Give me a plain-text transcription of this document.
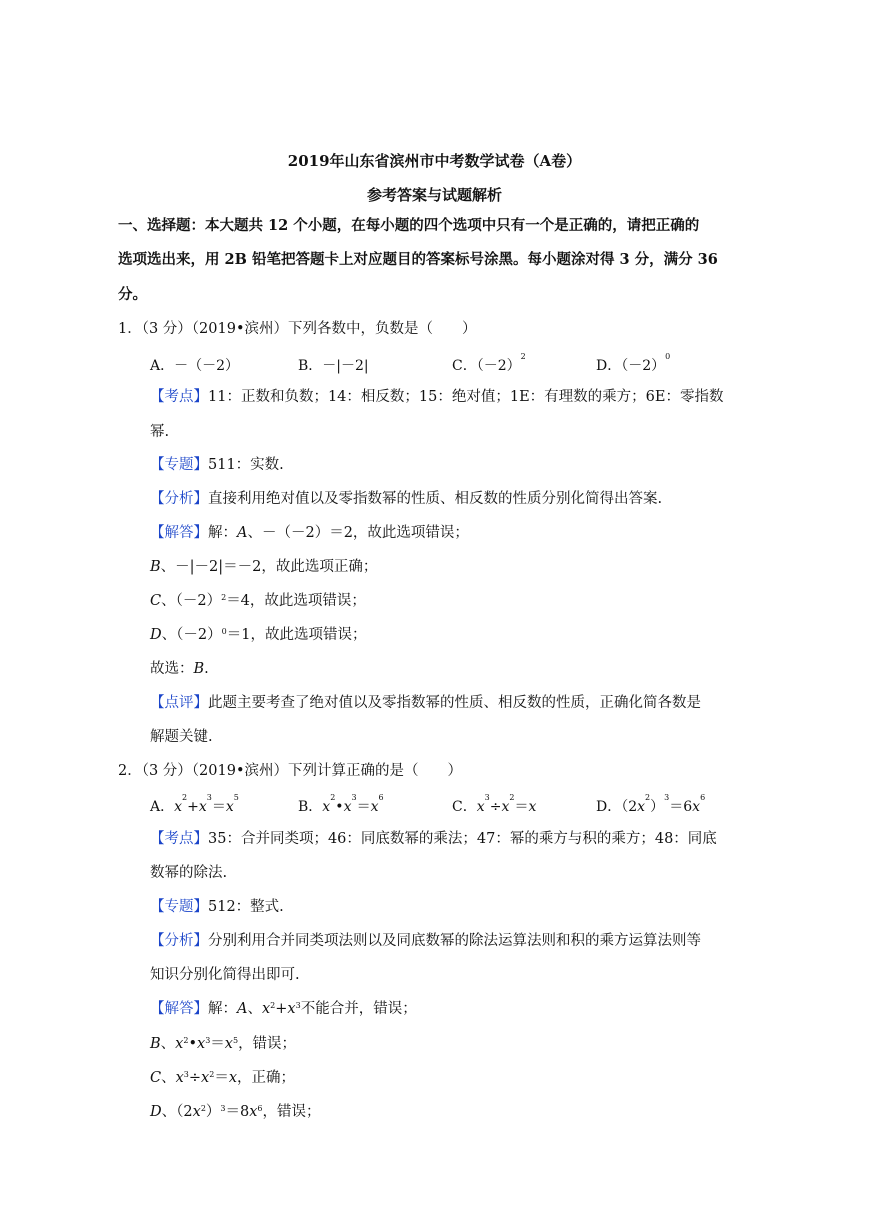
2019年山东省滨州市中考数学试卷（A卷）
参考答案与试题解析
一、选择题：本大题共 12 个小题，在每小题的四个选项中只有一个是正确的，请把正确的
选项选出来，用 2B 铅笔把答题卡上对应题目的答案标号涂黑。每小题涂对得 3 分，满分 36
分。
1．（3 分）（2019•滨州）下列各数中，负数是（　　）
A．－（－2）	B．－|－2|	C．$(-2)^2$
D．$(-2)^0$
【考点】11：正数和负数；14：相反数；15：绝对值；1E：有理数的乘方；6E：零指数
幂.
【专题】511：实数.
【分析】直接利用绝对值以及零指数幂的性质、相反数的性质分别化简得出答案.
【解答】解：A、－（－2）＝2，故此选项错误；
B、－|－2|＝－2，故此选项正确；
C、$(-2)^2=4$，故此选项错误；
D、$(-2)^0=1$，故此选项错误；
故选：B.
【点评】此题主要考查了绝对值以及零指数幂的性质、相反数的性质，正确化简各数是
解题关键.
2．（3 分）（2019•滨州）下列计算正确的是（　　）
A．$x^2+x^3=x^5$
B．$x^2•x^3=x^6$
C．$x^3\div x^2=x$	D．$(2x^2)^3=6x^6$
【考点】35：合并同类项；46：同底数幂的乘法；47：幂的乘方与积的乘方；48：同底
数幂的除法.
【专题】512：整式.
【分析】分别利用合并同类项法则以及同底数幂的除法运算法则和积的乘方运算法则等
知识分别化简得出即可.
【解答】解：A、$x^2+x^3$不能合并，错误；
B、$x^2•x^3=x^5$，错误；
C、$x^3\div x^2=x$，正确；
D、$(2x^2)^3=8x^6$，错误；
